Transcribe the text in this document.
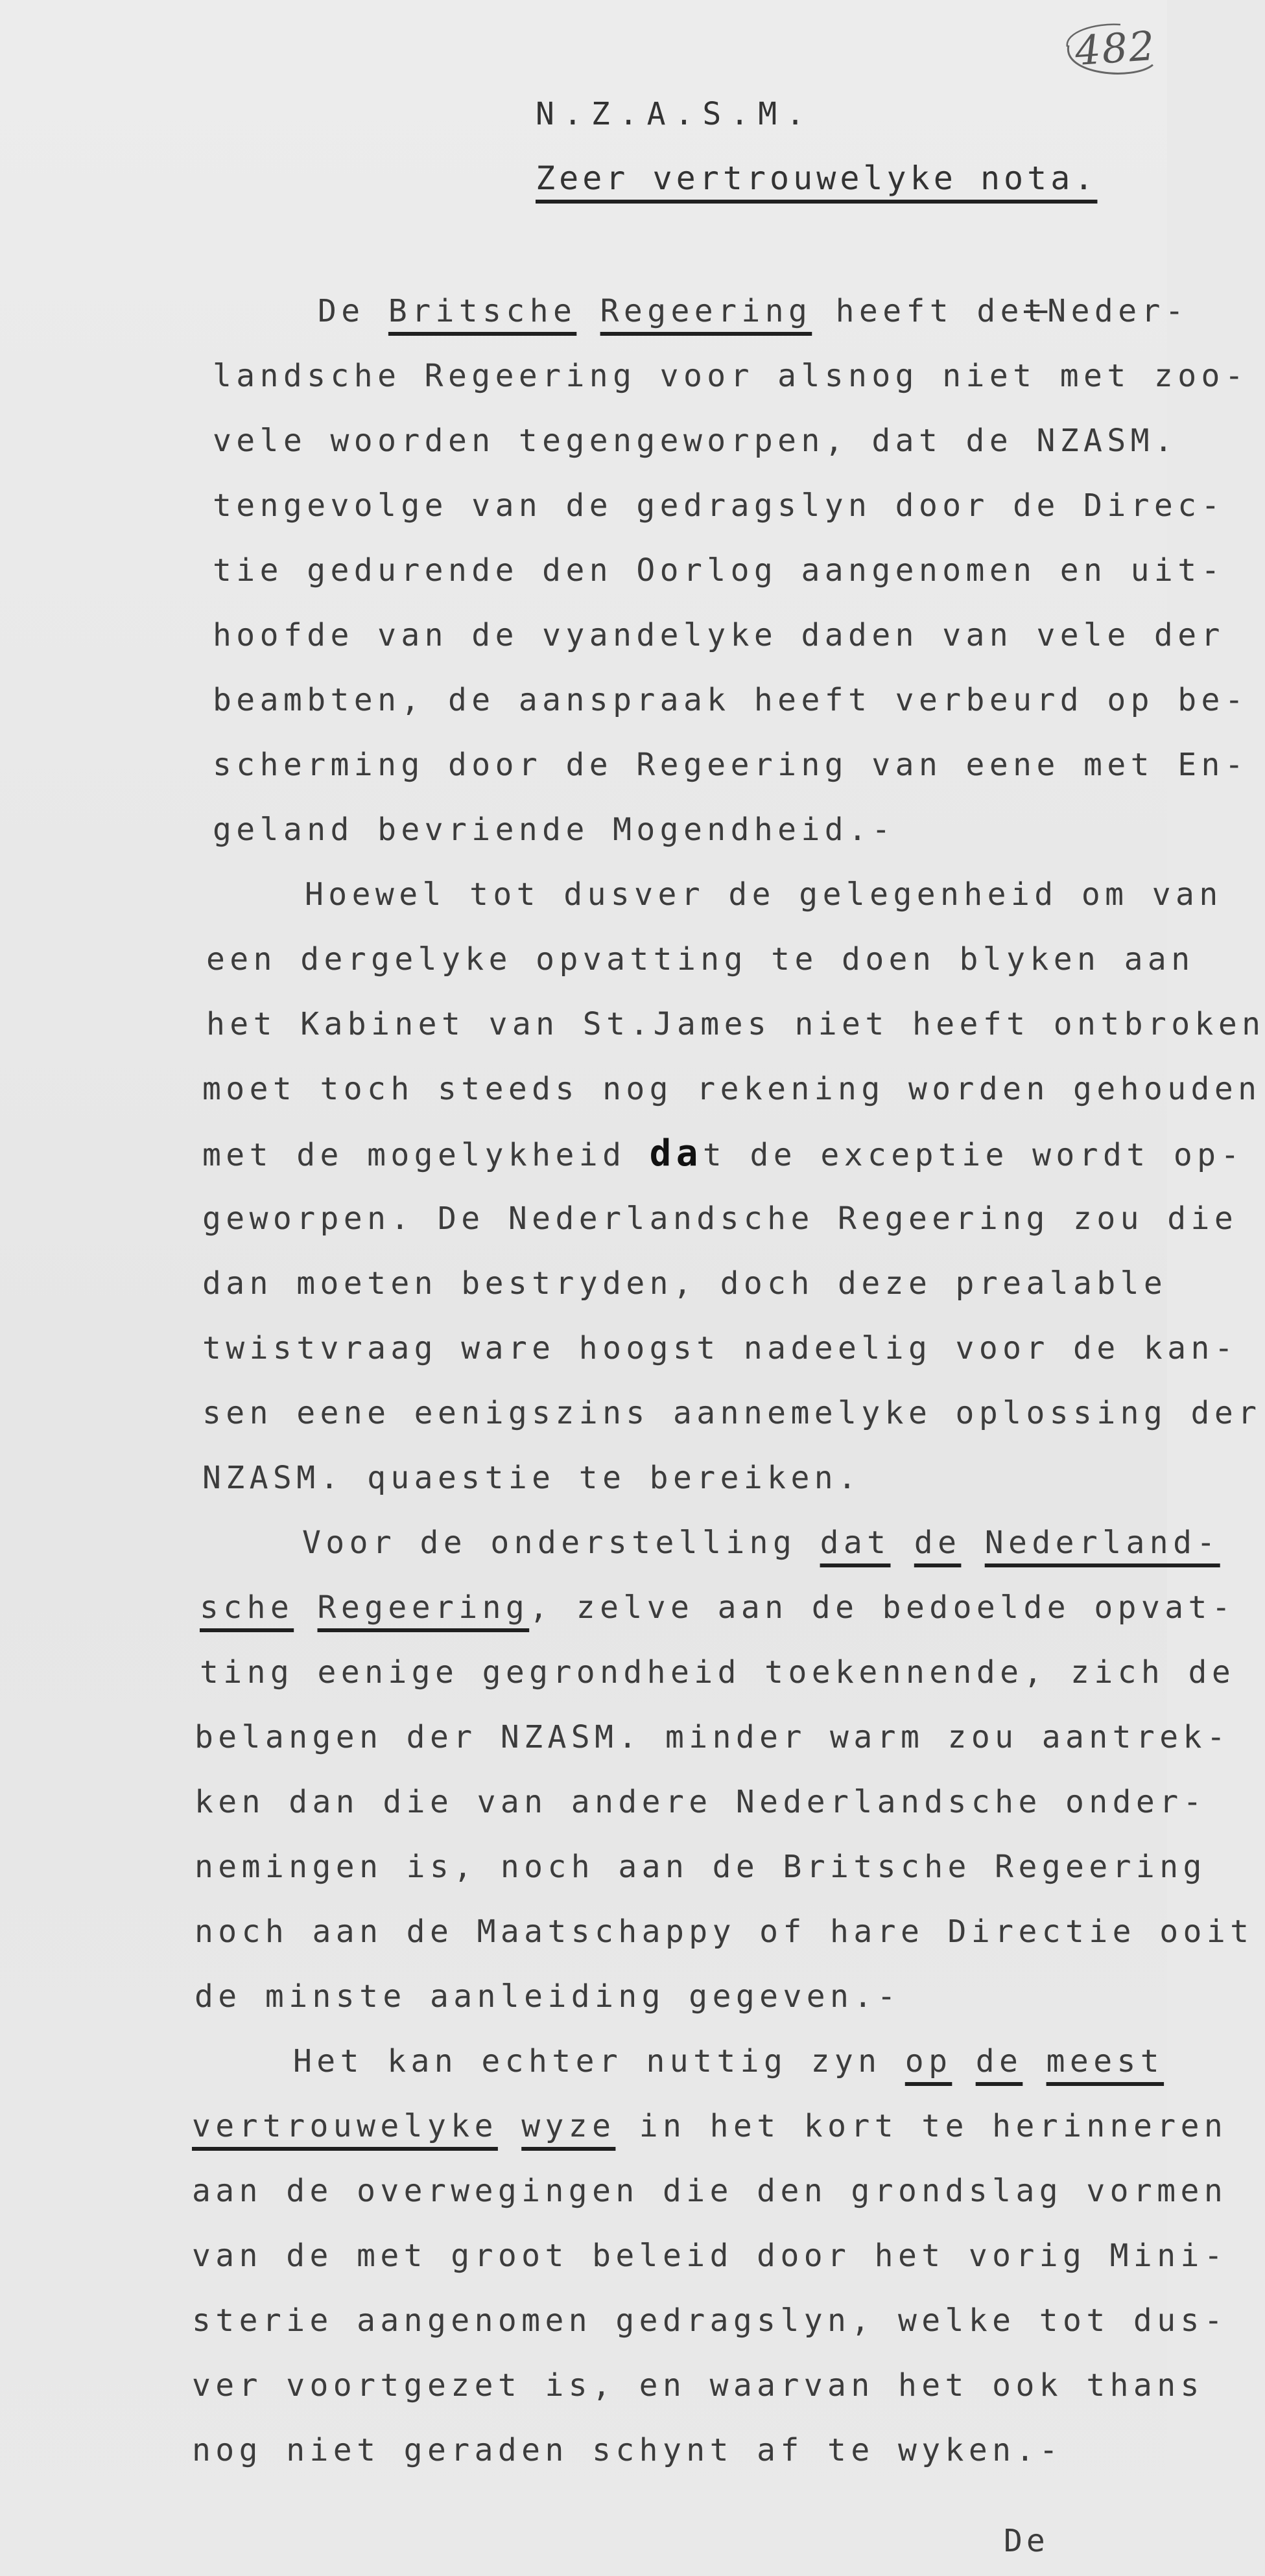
482
N.Z.A.S.M.
Zeer vertrouwelyke nota.
De Britsche Regeering heeft detNeder-
landsche Regeering voor alsnog niet met zoo-
vele woorden tegengeworpen, dat de NZASM.
tengevolge van de gedragslyn door de Direc-
tie gedurende den Oorlog aangenomen en uit-
hoofde van de vyandelyke daden van vele der
beambten, de aanspraak heeft verbeurd op be-
scherming door de Regeering van eene met En-
geland bevriende Mogendheid.-
Hoewel tot dusver de gelegenheid om van
een dergelyke opvatting te doen blyken aan
het Kabinet van St.James niet heeft ontbroken
moet toch steeds nog rekening worden gehouden
met de mogelykheid dat de exceptie wordt op-
geworpen. De Nederlandsche Regeering zou die
dan moeten bestryden, doch deze prealable
twistvraag ware hoogst nadeelig voor de kan-
sen eene eenigszins aannemelyke oplossing der
NZASM. quaestie te bereiken.
Voor de onderstelling dat de Nederland-
sche Regeering, zelve aan de bedoelde opvat-
ting eenige gegrondheid toekennende, zich de
belangen der NZASM. minder warm zou aantrek-
ken dan die van andere Nederlandsche onder-
nemingen is, noch aan de Britsche Regeering
noch aan de Maatschappy of hare Directie ooit
de minste aanleiding gegeven.-
Het kan echter nuttig zyn op de meest
vertrouwelyke wyze in het kort te herinneren
aan de overwegingen die den grondslag vormen
van de met groot beleid door het vorig Mini-
sterie aangenomen gedragslyn, welke tot dus-
ver voortgezet is, en waarvan het ook thans
nog niet geraden schynt af te wyken.-
De
